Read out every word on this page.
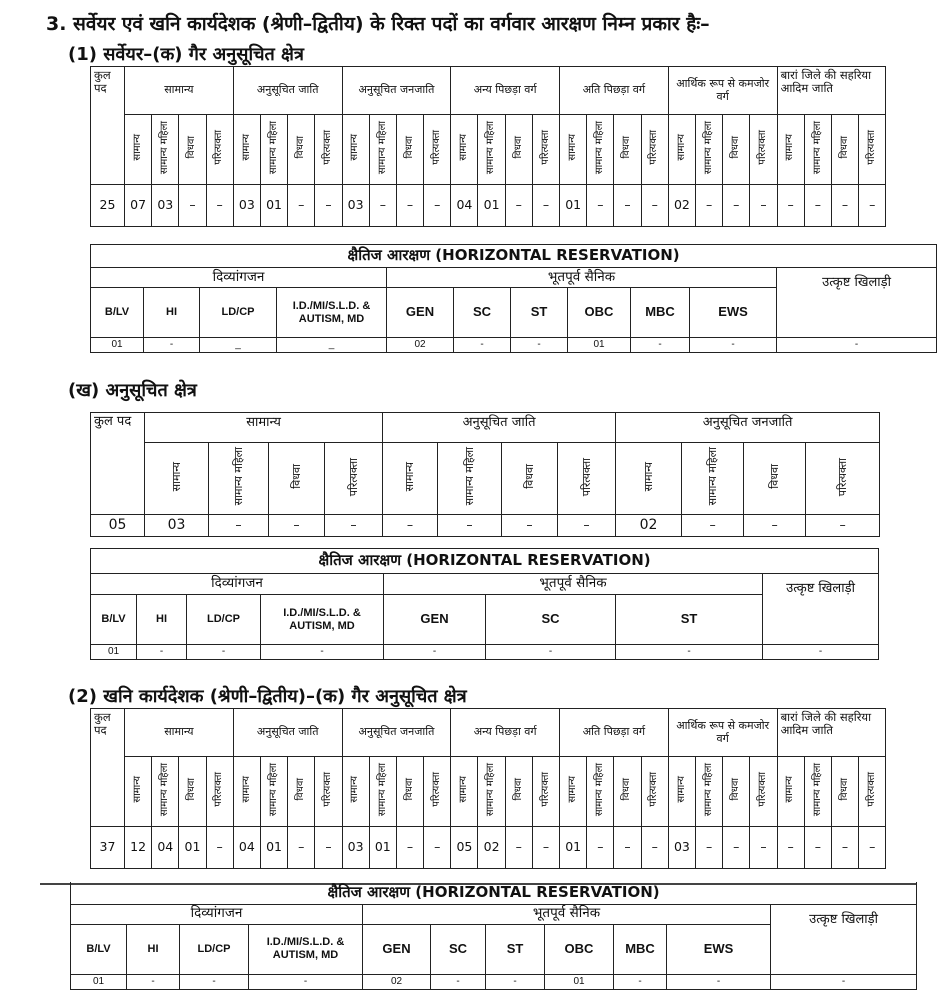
3. सर्वेयर एवं खनि कार्यदेशक (श्रेणी–द्वितीय) के रिक्त पदों का वर्गवार आरक्षण निम्न प्रकार हैः–
(1) सर्वेयर–(क) गैर अनुसूचित क्षेत्र
कुल पद	सामान्य				अनुसूचित जाति				अनुसूचित जनजाति				अन्य पिछड़ा वर्ग				अति पिछड़ा वर्ग				आर्थिक रूप से कमजोर वर्ग				बारां जिले की सहरिया आदिम जाति			
	सामान्य	सामान्य महिला	विधवा	परित्यक्ता	सामान्य	सामान्य महिला	विधवा	परित्यक्ता	सामान्य	सामान्य महिला	विधवा	परित्यक्ता	सामान्य	सामान्य महिला	विधवा	परित्यक्ता	सामान्य	सामान्य महिला	विधवा	परित्यक्ता	सामान्य	सामान्य महिला	विधवा	परित्यक्ता	सामान्य	सामान्य महिला	विधवा	परित्यक्ता
25	07	03	–	–	03	01	–	–	03	–	–	–	04	01	–	–	01	–	–	–	02	–	–	–	–	–	–	–
क्षैतिज आरक्षण (HORIZONTAL RESERVATION)										
दिव्यांगजन				भूतपूर्व सैनिक						उत्कृष्ट खिलाड़ी
B/LV	HI	LD/CP	I.D./MI/S.L.D. & AUTISM, MD	GEN	SC	ST	OBC	MBC	EWS	
01	-	_	_	02	-	-	01	-	-	-
(ख) अनुसूचित क्षेत्र
कुल पद	सामान्य				अनुसूचित जाति				अनुसूचित जनजाति			
	सामान्य	सामान्य महिला	विधवा	परित्यक्ता	सामान्य	सामान्य महिला	विधवा	परित्यक्ता	सामान्य	सामान्य महिला	विधवा	परित्यक्ता
05	03	–	–	–	–	–	–	–	02	–	–	–
क्षैतिज आरक्षण (HORIZONTAL RESERVATION)							
दिव्यांगजन				भूतपूर्व सैनिक			उत्कृष्ट खिलाड़ी
B/LV	HI	LD/CP	I.D./MI/S.L.D. & AUTISM, MD	GEN	SC	ST	
01	-	-	-	-	-	-	-
(2) खनि कार्यदेशक (श्रेणी–द्वितीय)–(क) गैर अनुसूचित क्षेत्र
कुल पद	सामान्य				अनुसूचित जाति				अनुसूचित जनजाति				अन्य पिछड़ा वर्ग				अति पिछड़ा वर्ग				आर्थिक रूप से कमजोर वर्ग				बारां जिले की सहरिया आदिम जाति			
	सामान्य	सामान्य महिला	विधवा	परित्यक्ता	सामान्य	सामान्य महिला	विधवा	परित्यक्ता	सामान्य	सामान्य महिला	विधवा	परित्यक्ता	सामान्य	सामान्य महिला	विधवा	परित्यक्ता	सामान्य	सामान्य महिला	विधवा	परित्यक्ता	सामान्य	सामान्य महिला	विधवा	परित्यक्ता	सामान्य	सामान्य महिला	विधवा	परित्यक्ता
37	12	04	01	–	04	01	–	–	03	01	–	–	05	02	–	–	01	–	–	–	03	–	–	–	–	–	–	–
क्षैतिज आरक्षण (HORIZONTAL RESERVATION)										
दिव्यांगजन				भूतपूर्व सैनिक						उत्कृष्ट खिलाड़ी
B/LV	HI	LD/CP	I.D./MI/S.L.D. & AUTISM, MD	GEN	SC	ST	OBC	MBC	EWS	
01	-	-	-	02	-	-	01	-	-	-
